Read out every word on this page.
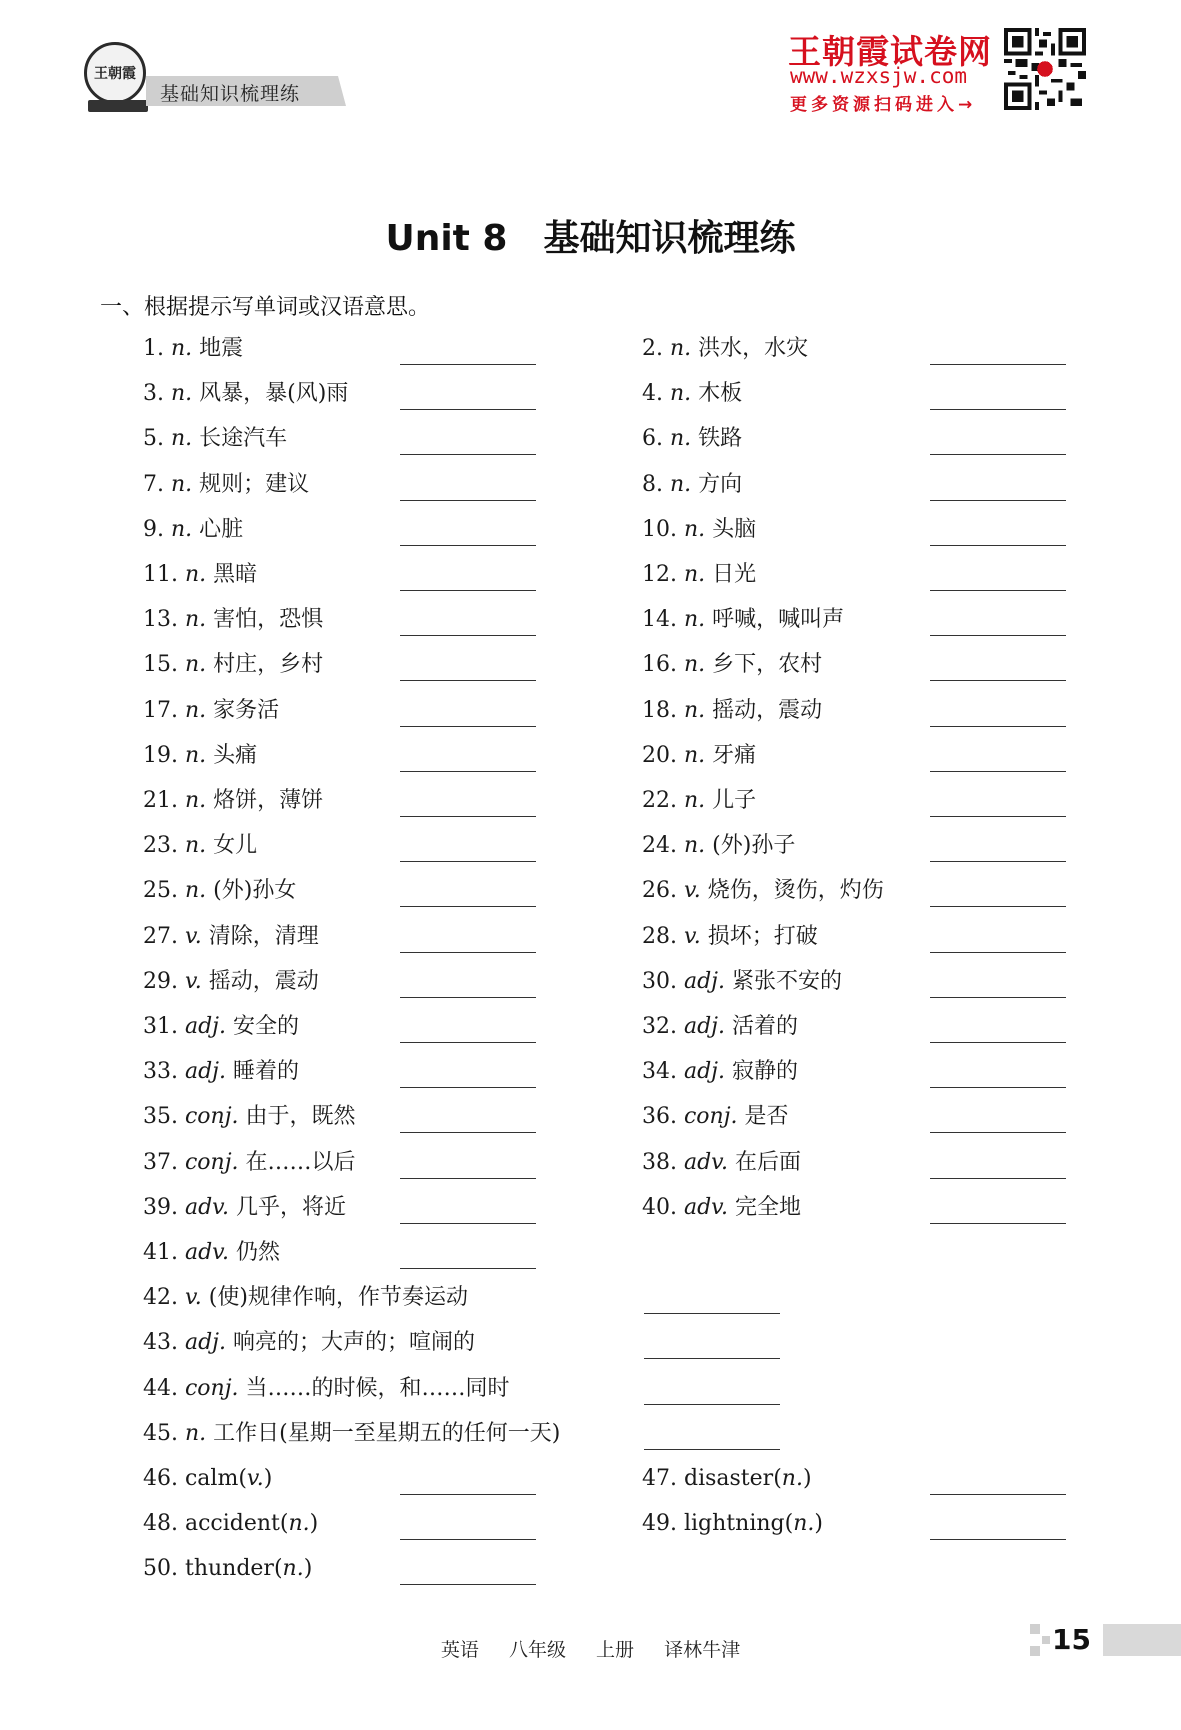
王朝霞
基础知识梳理练
王朝霞试卷网
www.wzxsjw.com
更多资源扫码进入→
Unit 8 基础知识梳理练
一、根据提示写单词或汉语意思。
1. n. 地震	2. n. 洪水，水灾
3. n. 风暴，暴(风)雨	4. n. 木板
5. n. 长途汽车	6. n. 铁路
7. n. 规则；建议	8. n. 方向
9. n. 心脏	10. n. 头脑
11. n. 黑暗	12. n. 日光
13. n. 害怕，恐惧	14. n. 呼喊，喊叫声
15. n. 村庄，乡村	16. n. 乡下，农村
17. n. 家务活	18. n. 摇动，震动
19. n. 头痛	20. n. 牙痛
21. n. 烙饼，薄饼	22. n. 儿子
23. n. 女儿	24. n. (外)孙子
25. n. (外)孙女	26. v. 烧伤，烫伤，灼伤
27. v. 清除，清理	28. v. 损坏；打破
29. v. 摇动，震动	30. adj. 紧张不安的
31. adj. 安全的	32. adj. 活着的
33. adj. 睡着的	34. adj. 寂静的
35. conj. 由于，既然	36. conj. 是否
37. conj. 在……以后	38. adv. 在后面
39. adv. 几乎，将近	40. adv. 完全地
41. adv. 仍然
42. v. (使)规律作响，作节奏运动
43. adj. 响亮的；大声的；喧闹的
44. conj. 当……的时候，和……同时
45. n. 工作日(星期一至星期五的任何一天)
46. calm(v.)	47. disaster(n.)
48. accident(n.)	49. lightning(n.)
50. thunder(n.)
英语 八年级 上册 译林牛津	15
